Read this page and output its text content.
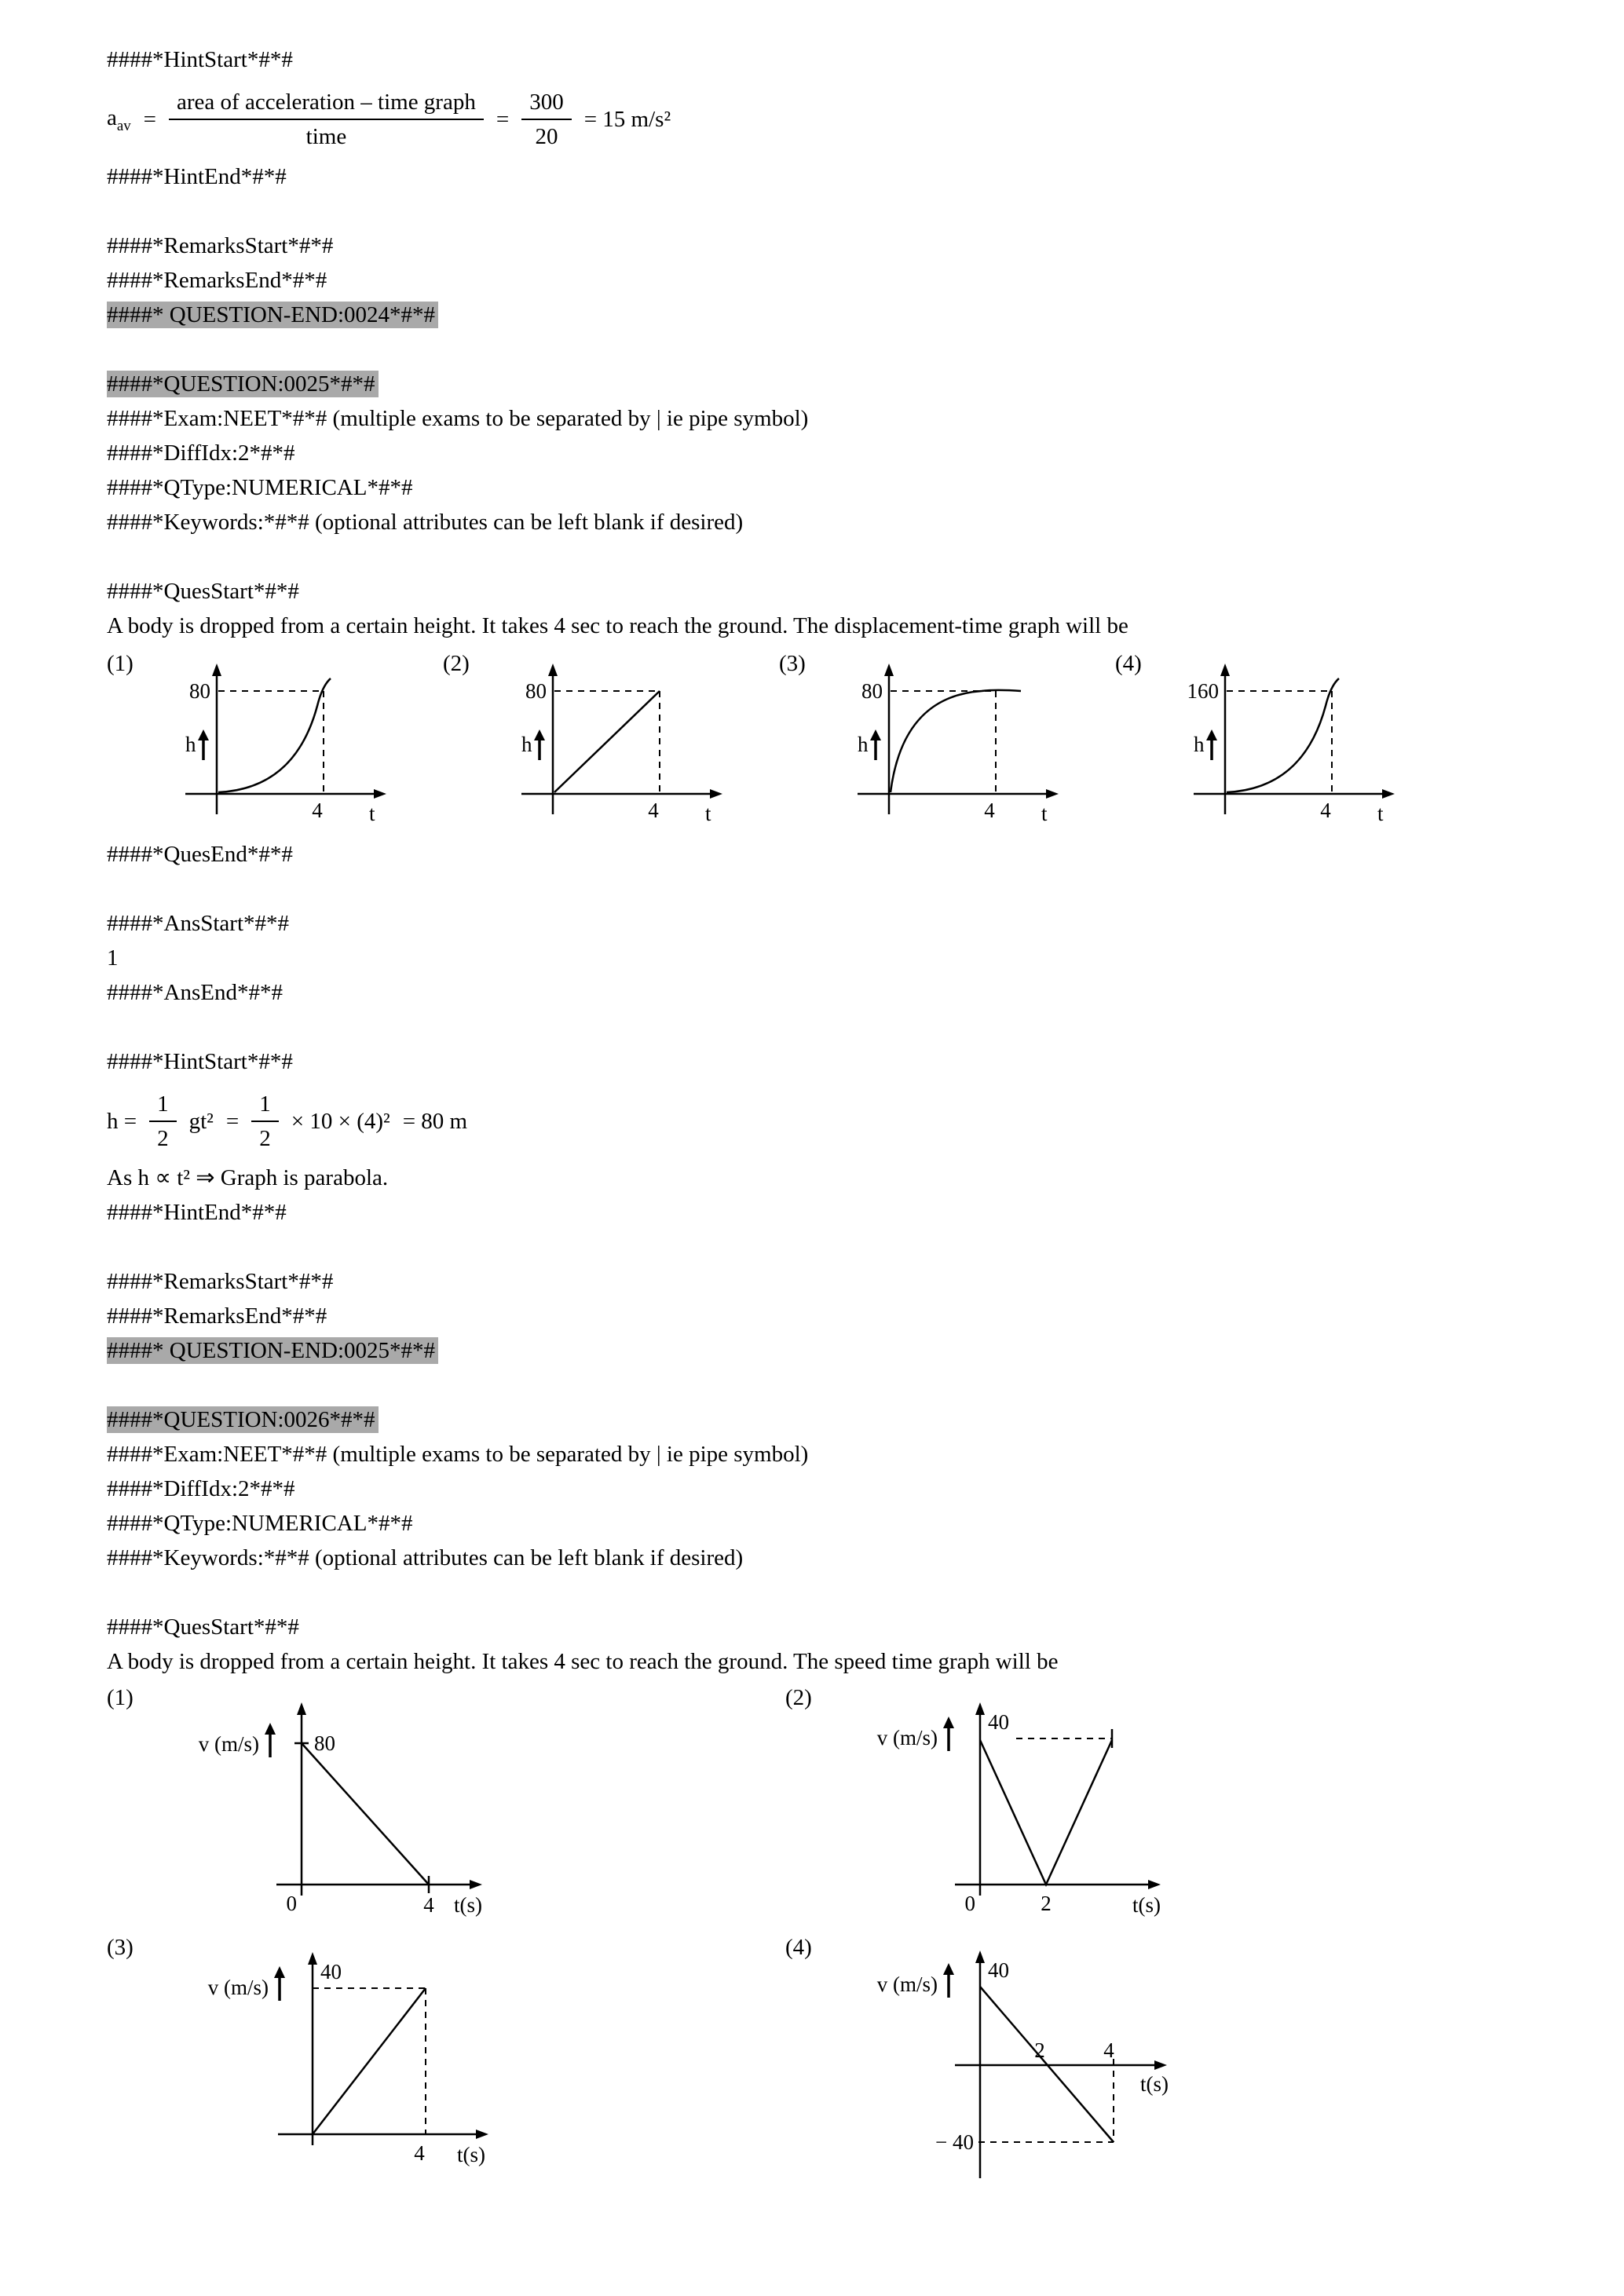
####*HintStart*#*#

$a_{av} = \frac{\text{area of acceleration – time graph}}{\text{time}} = \frac{300}{20} = 15$ m/s²

####*HintEnd*#*#

####*RemarksStart*#*#

####*RemarksEnd*#*#

####* QUESTION-END:0024*#*#

####*QUESTION:0025*#*#

####*Exam:NEET*#*# (multiple exams to be separated by | ie pipe symbol)

####*DiffIdx:2*#*#

####*QType:NUMERICAL*#*#

####*Keywords:*#*# (optional attributes can be left blank if desired)

####*QuesStart*#*#

A body is dropped from a certain height. It takes 4 sec to reach the ground. The displacement-time graph will be

(1)
80
h
4 t
(2)
80
h
4 t
(3)
80
h
4 t
(4)
160
h
4 t

####*QuesEnd*#*#

####*AnsStart*#*#

1

####*AnsEnd*#*#

####*HintStart*#*#

$h = \frac{1}{2} gt^2 = \frac{1}{2} \times 10 \times (4)^2 = 80$ m

As h ∝ t² ⇒ Graph is parabola.

####*HintEnd*#*#

####*RemarksStart*#*#

####*RemarksEnd*#*#

####* QUESTION-END:0025*#*#

####*QUESTION:0026*#*#

####*Exam:NEET*#*# (multiple exams to be separated by | ie pipe symbol)

####*DiffIdx:2*#*#

####*QType:NUMERICAL*#*#

####*Keywords:*#*# (optional attributes can be left blank if desired)

####*QuesStart*#*#

A body is dropped from a certain height. It takes 4 sec to reach the ground. The speed time graph will be

(1)
v (m/s)	80
0	4 t(s)
(2)
v (m/s)
40
0	2	t(s)
(3)
v (m/s)
40
4 t(s)
(4)
v (m/s)
40
2	4
− 40
t(s)
